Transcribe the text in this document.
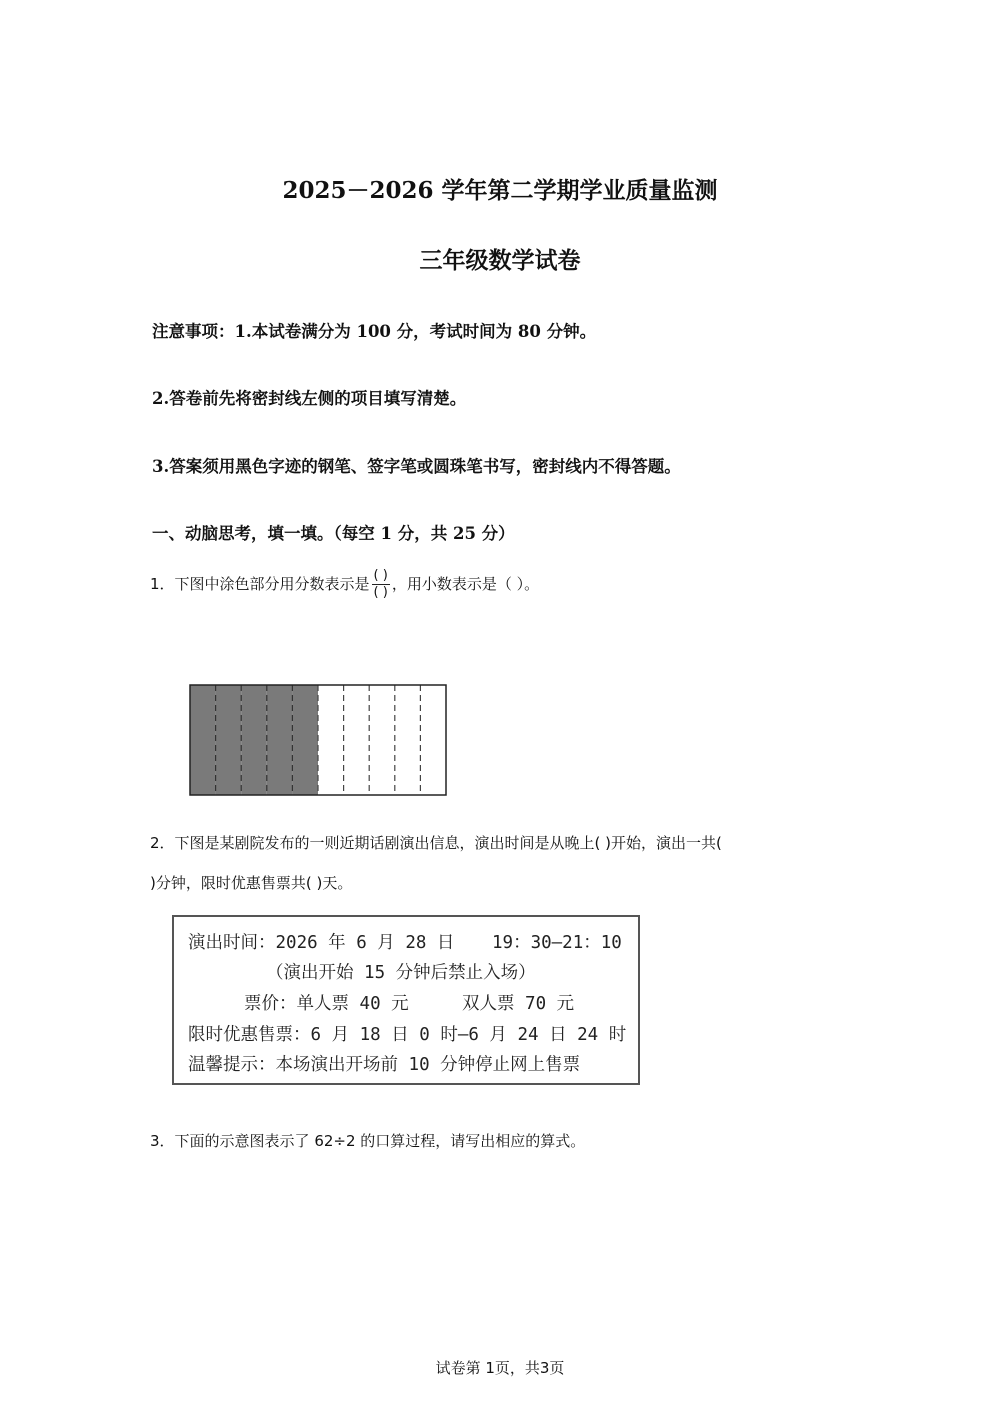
2025－2026 学年第二学期学业质量监测
三年级数学试卷
注意事项：1.本试卷满分为 100 分，考试时间为 80 分钟。
2.答卷前先将密封线左侧的项目填写清楚。
3.答案须用黑色字迹的钢笔、签字笔或圆珠笔书写，密封线内不得答题。
一、动脑思考，填一填。（每空 1 分，共 25 分）
1．下图中涂色部分用分数表示是 $\frac{( )}{( )}$ ，用小数表示是（ ）。
2．下图是某剧院发布的一则近期话剧演出信息，演出时间是从晚上( )开始，演出一共(
)分钟，限时优惠售票共( )天。
演出时间：2026 年 6 月 28 日 19：30—21：10
（演出开始 15 分钟后禁止入场）
票价：单人票 40 元	双人票 70 元
限时优惠售票：6 月 18 日 0 时—6 月 24 日 24 时
温馨提示：本场演出开场前 10 分钟停止网上售票
3．下面的示意图表示了 62÷2 的口算过程，请写出相应的算式。
试卷第 1页，共3页
